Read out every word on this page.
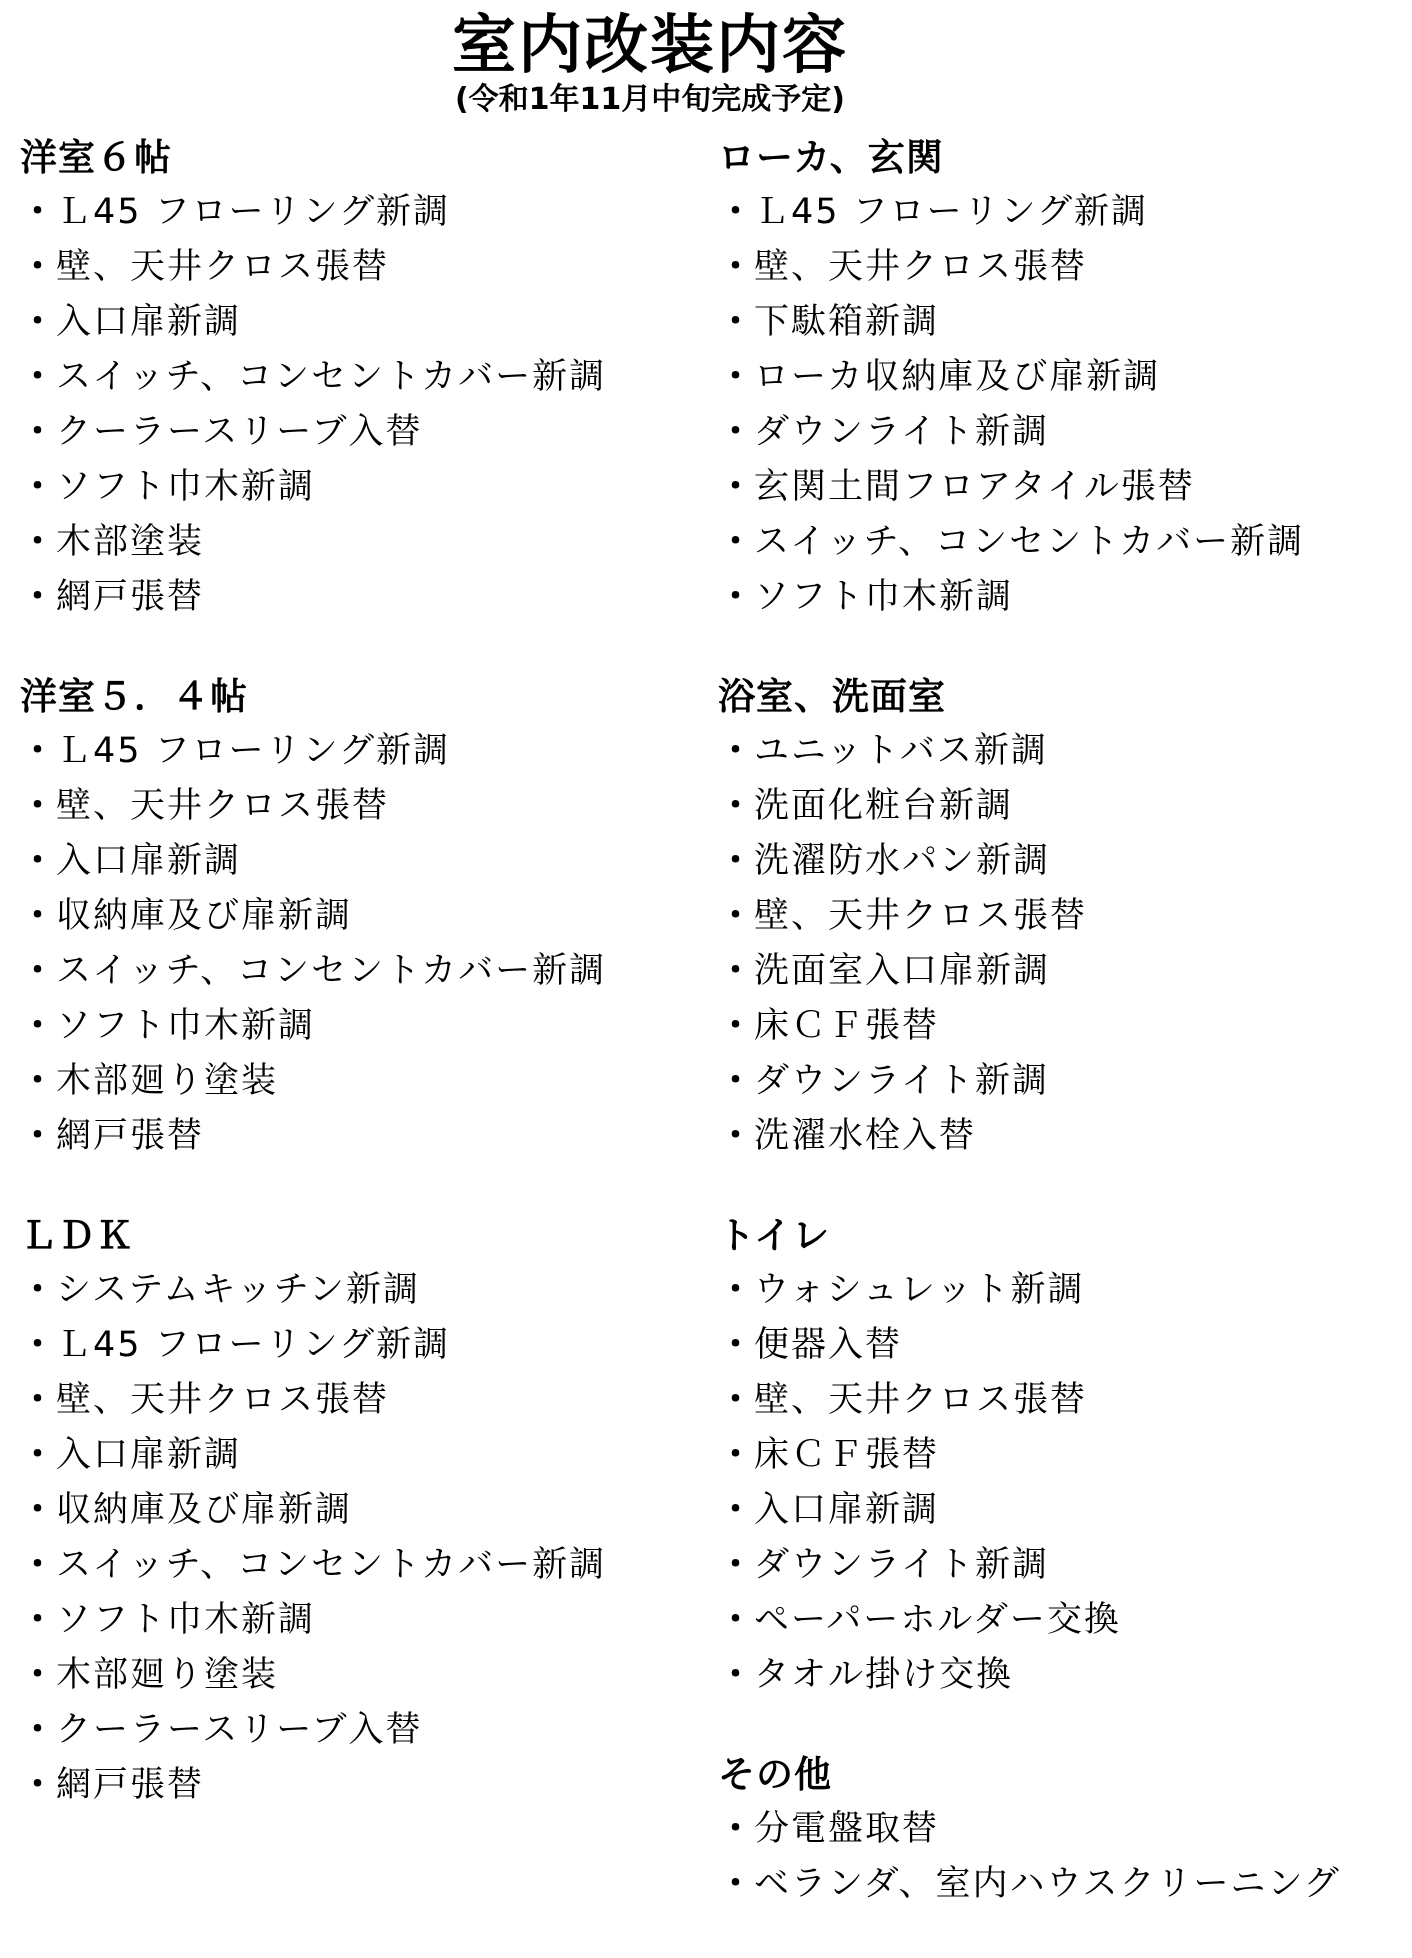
室内改装内容
(令和1年11月中旬完成予定)
洋室６帖
・Ｌ45 フローリング新調
・壁、天井クロス張替
・入口扉新調
・スイッチ、コンセントカバー新調
・クーラースリーブ入替
・ソフト巾木新調
・木部塗装
・網戸張替
洋室５．４帖
・Ｌ45 フローリング新調
・壁、天井クロス張替
・入口扉新調
・収納庫及び扉新調
・スイッチ、コンセントカバー新調
・ソフト巾木新調
・木部廻り塗装
・網戸張替
ＬＤＫ
・システムキッチン新調
・Ｌ45 フローリング新調
・壁、天井クロス張替
・入口扉新調
・収納庫及び扉新調
・スイッチ、コンセントカバー新調
・ソフト巾木新調
・木部廻り塗装
・クーラースリーブ入替
・網戸張替
ローカ、玄関
・Ｌ45 フローリング新調
・壁、天井クロス張替
・下駄箱新調
・ローカ収納庫及び扉新調
・ダウンライト新調
・玄関土間フロアタイル張替
・スイッチ、コンセントカバー新調
・ソフト巾木新調
浴室、洗面室
・ユニットバス新調
・洗面化粧台新調
・洗濯防水パン新調
・壁、天井クロス張替
・洗面室入口扉新調
・床ＣＦ張替
・ダウンライト新調
・洗濯水栓入替
トイレ
・ウォシュレット新調
・便器入替
・壁、天井クロス張替
・床ＣＦ張替
・入口扉新調
・ダウンライト新調
・ペーパーホルダー交換
・タオル掛け交換
その他
・分電盤取替
・ベランダ、室内ハウスクリーニング
